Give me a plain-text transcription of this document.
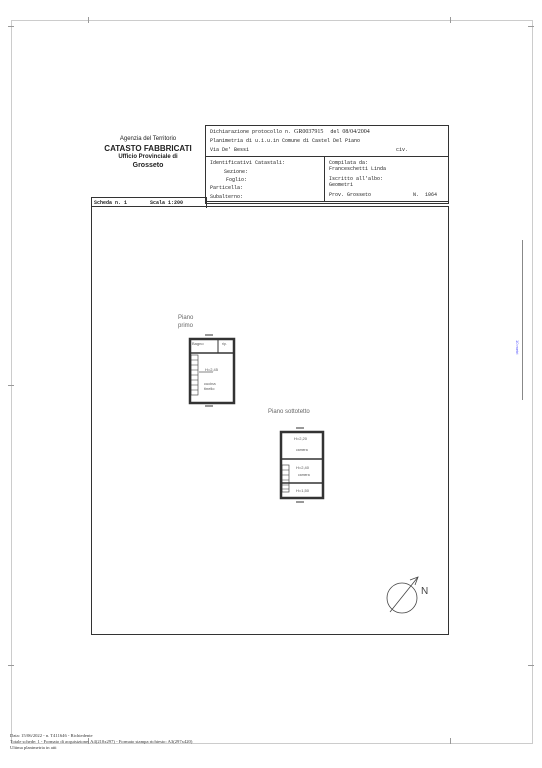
10 metri
Agenzia del Territorio
CATASTO FABBRICATI
Ufficio Provinciale di
Grosseto
Dichiarazione protocollo n. GR0037915 del 08/04/2004
Planimetria di u.i.u.in Comune di Castel Del Piano
Via De' Bessi	civ.
Identificativi Catastali:
Sezione:
Foglio:
Particella:
Subalterno:
Compilata da:
Franceschetti Linda
Iscritto all'albo:
Geometri
Prov. Grosseto	N.  1064
Scheda n. 1	Scala 1:200
Piano
primo
Bagno	rip.
H=2,45
cucina
tinello
Piano sottotetto
H=2,20
camera
H=2,40
camera
H=1,50
N
Data: 15/06/2022 - n. T411646 - Richiedente
Totale schede: 1 - Formato di acquisizione: A4(210x297) - Formato stampa richiesto: A3(297x420)
Ultima planimetria in atti
